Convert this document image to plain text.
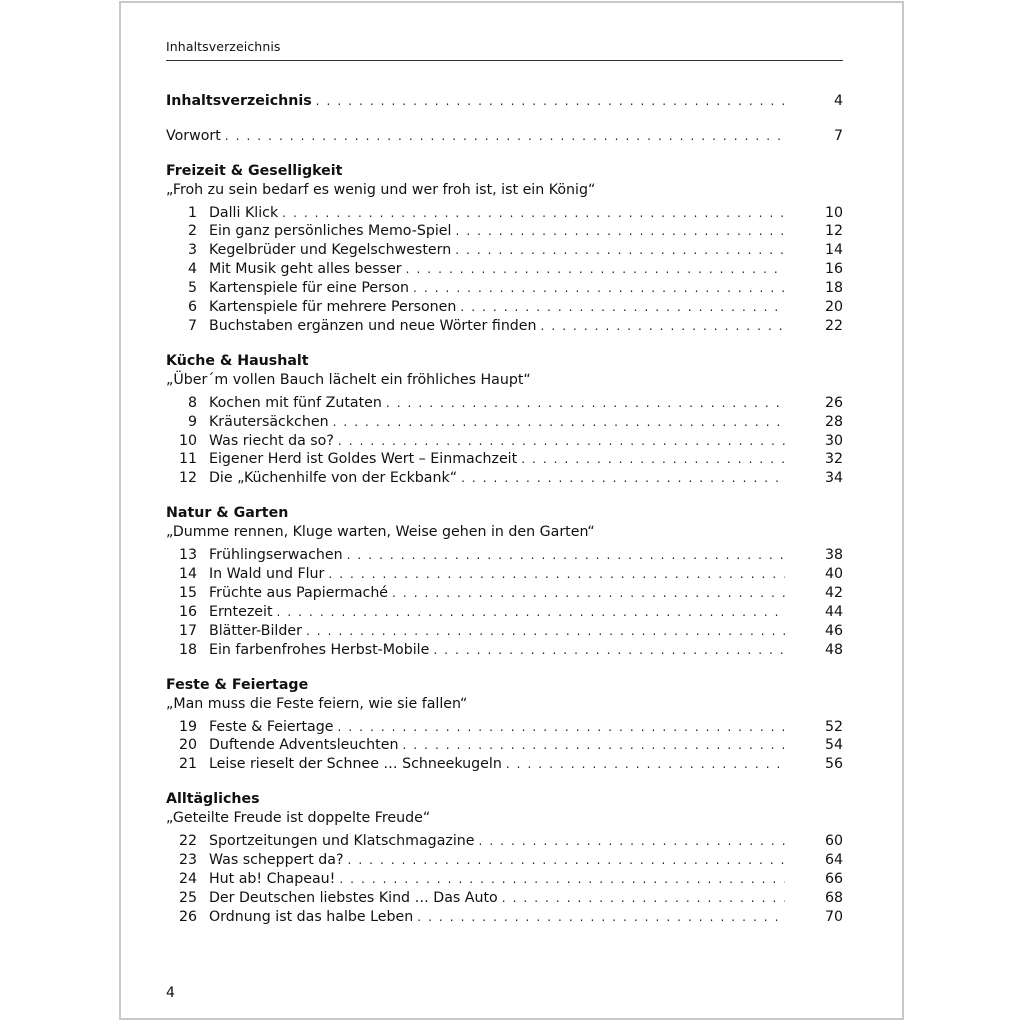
Inhaltsverzeichnis
Inhaltsverzeichnis . . .	4
Vorwort . . .	7
Freizeit & Geselligkeit
„Froh zu sein bedarf es wenig und wer froh ist, ist ein König“
1 Dalli Klick . . .	10
2 Ein ganz persönliches Memo-Spiel . . .	12
3 Kegelbrüder und Kegelschwestern . . .	14
4 Mit Musik geht alles besser . . .	16
5 Kartenspiele für eine Person . . .	18
6 Kartenspiele für mehrere Personen . . .	20
7 Buchstaben ergänzen und neue Wörter finden . . .	22
Küche & Haushalt
„Über´m vollen Bauch lächelt ein fröhliches Haupt“
8 Kochen mit fünf Zutaten . . .	26
9 Kräutersäckchen . . .	28
10 Was riecht da so? . . .	30
11 Eigener Herd ist Goldes Wert – Einmachzeit . . .	32
12 Die „Küchenhilfe von der Eckbank“ . . .	34
Natur & Garten
„Dumme rennen, Kluge warten, Weise gehen in den Garten“
13 Frühlingserwachen . . .	38
14 In Wald und Flur . . .	40
15 Früchte aus Papiermaché . . .	42
16 Erntezeit . . .	44
17 Blätter-Bilder . . .	46
18 Ein farbenfrohes Herbst-Mobile . . .	48
Feste & Feiertage
„Man muss die Feste feiern, wie sie fallen“
19 Feste & Feiertage . . .	52
20 Duftende Adventsleuchten . . .	54
21 Leise rieselt der Schnee … Schneekugeln . . .	56
Alltägliches
„Geteilte Freude ist doppelte Freude“
22 Sportzeitungen und Klatschmagazine . . .	60
23 Was scheppert da? . . .	64
24 Hut ab! Chapeau! . . .	66
25 Der Deutschen liebstes Kind … Das Auto . . .	68
26 Ordnung ist das halbe Leben . . .	70
4
